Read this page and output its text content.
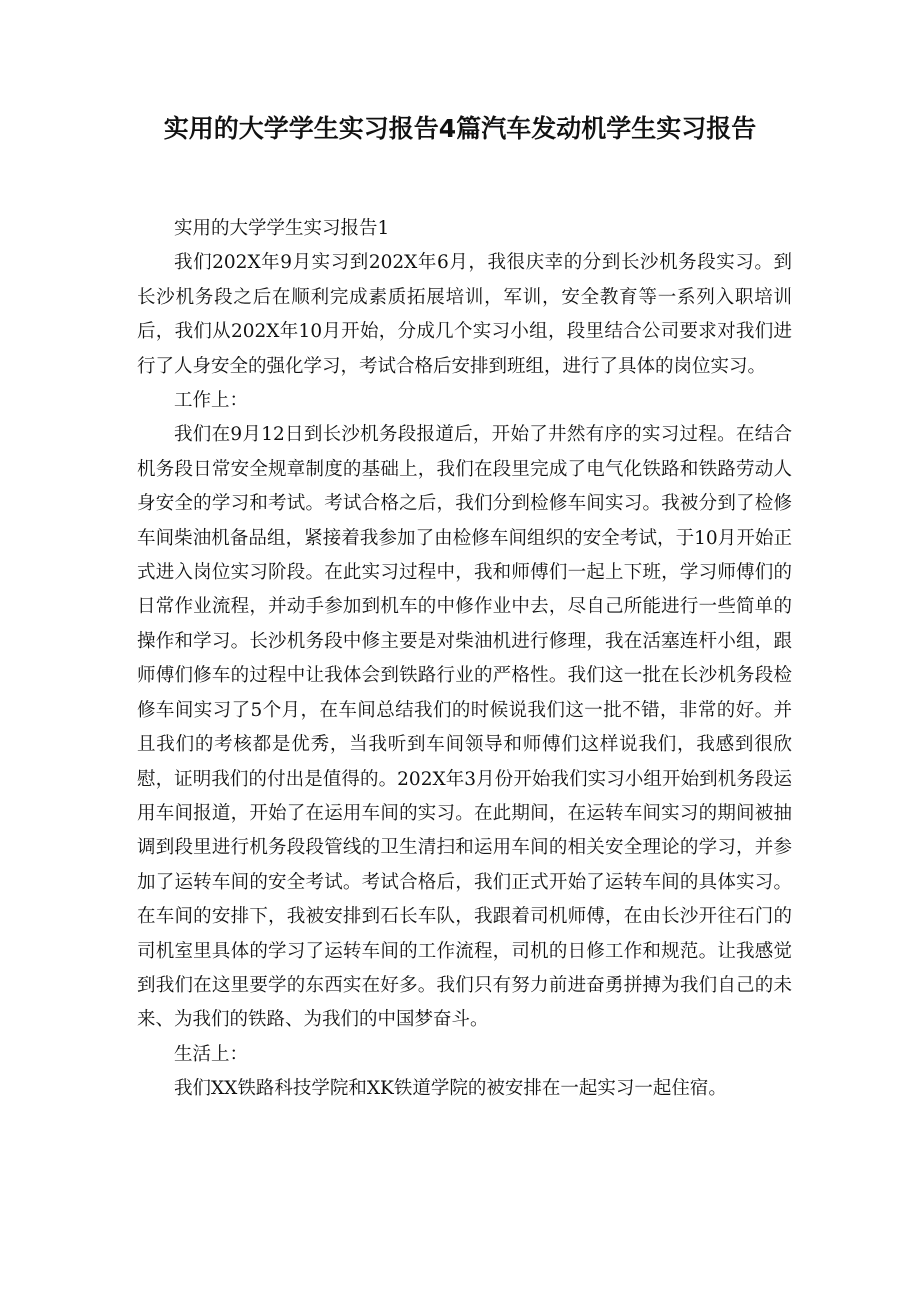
实用的大学学生实习报告4篇汽车发动机学生实习报告

实用的大学学生实习报告1

我们202X年9月实习到202X年6月，我很庆幸的分到长沙机务段实习。到长沙机务段之后在顺利完成素质拓展培训，军训，安全教育等一系列入职培训后，我们从202X年10月开始，分成几个实习小组，段里结合公司要求对我们进行了人身安全的强化学习，考试合格后安排到班组，进行了具体的岗位实习。

工作上：

我们在9月12日到长沙机务段报道后，开始了井然有序的实习过程。在结合机务段日常安全规章制度的基础上，我们在段里完成了电气化铁路和铁路劳动人身安全的学习和考试。考试合格之后，我们分到检修车间实习。我被分到了检修车间柴油机备品组，紧接着我参加了由检修车间组织的安全考试，于10月开始正式进入岗位实习阶段。在此实习过程中，我和师傅们一起上下班，学习师傅们的日常作业流程，并动手参加到机车的中修作业中去，尽自己所能进行一些简单的操作和学习。长沙机务段中修主要是对柴油机进行修理，我在活塞连杆小组，跟师傅们修车的过程中让我体会到铁路行业的严格性。我们这一批在长沙机务段检修车间实习了5个月，在车间总结我们的时候说我们这一批不错，非常的好。并且我们的考核都是优秀，当我听到车间领导和师傅们这样说我们，我感到很欣慰，证明我们的付出是值得的。202X年3月份开始我们实习小组开始到机务段运用车间报道，开始了在运用车间的实习。在此期间，在运转车间实习的期间被抽调到段里进行机务段段管线的卫生清扫和运用车间的相关安全理论的学习，并参加了运转车间的安全考试。考试合格后，我们正式开始了运转车间的具体实习。在车间的安排下，我被安排到石长车队，我跟着司机师傅，在由长沙开往石门的司机室里具体的学习了运转车间的工作流程，司机的日修工作和规范。让我感觉到我们在这里要学的东西实在好多。我们只有努力前进奋勇拼搏为我们自己的未来、为我们的铁路、为我们的中国梦奋斗。

生活上：

我们XX铁路科技学院和XK铁道学院的被安排在一起实习一起住宿。
